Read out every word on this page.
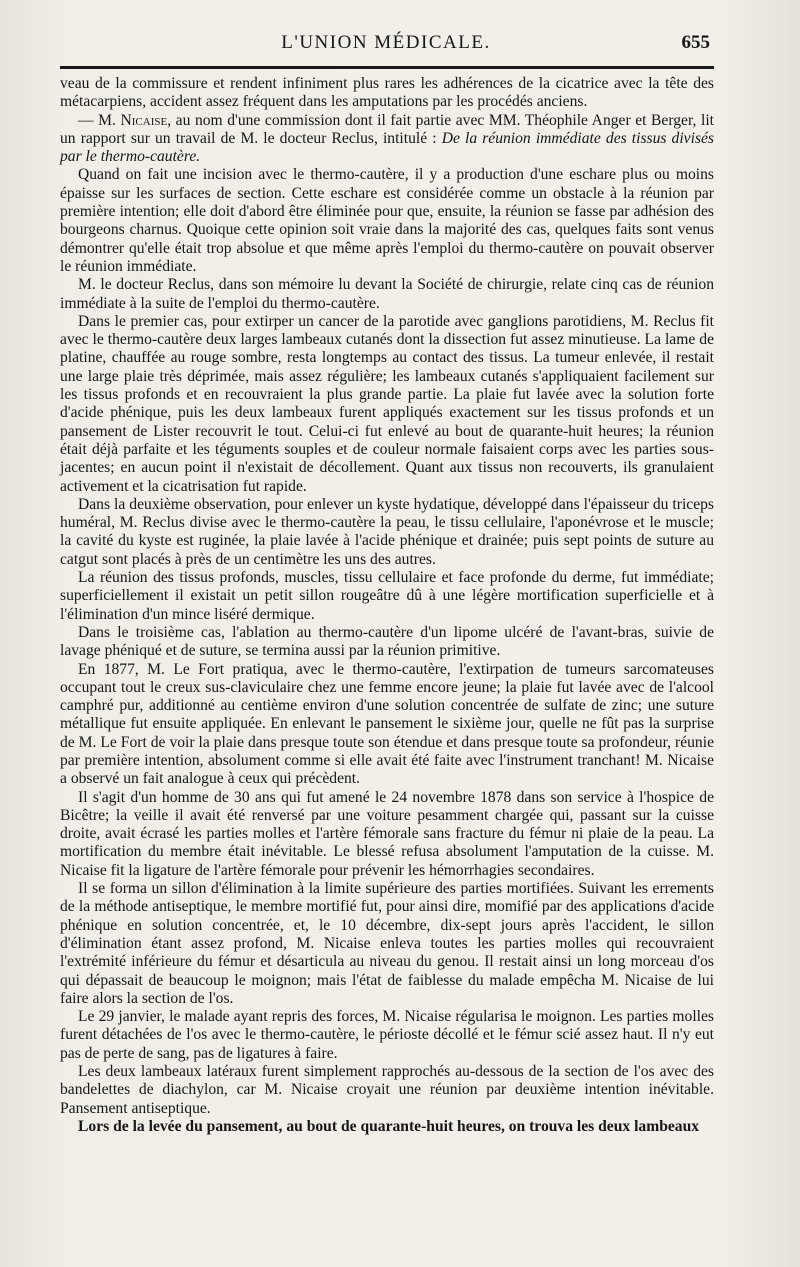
L'UNION MÉDICALE.	655

veau de la commissure et rendent infiniment plus rares les adhérences de la cicatrice avec la tête des métacarpiens, accident assez fréquent dans les amputations par les procédés anciens.

— M. Nicaise, au nom d'une commission dont il fait partie avec MM. Théophile Anger et Berger, lit un rapport sur un travail de M. le docteur Reclus, intitulé : De la réunion immédiate des tissus divisés par le thermo-cautère.

Quand on fait une incision avec le thermo-cautère, il y a production d'une eschare plus ou moins épaisse sur les surfaces de section. Cette eschare est considérée comme un obstacle à la réunion par première intention; elle doit d'abord être éliminée pour que, ensuite, la réunion se fasse par adhésion des bourgeons charnus. Quoique cette opinion soit vraie dans la majorité des cas, quelques faits sont venus démontrer qu'elle était trop absolue et que même après l'emploi du thermo-cautère on pouvait observer le réunion immédiate.

M. le docteur Reclus, dans son mémoire lu devant la Société de chirurgie, relate cinq cas de réunion immédiate à la suite de l'emploi du thermo-cautère.

Dans le premier cas, pour extirper un cancer de la parotide avec ganglions parotidiens, M. Reclus fit avec le thermo-cautère deux larges lambeaux cutanés dont la dissection fut assez minutieuse. La lame de platine, chauffée au rouge sombre, resta longtemps au contact des tissus. La tumeur enlevée, il restait une large plaie très déprimée, mais assez régulière; les lambeaux cutanés s'appliquaient facilement sur les tissus profonds et en recouvraient la plus grande partie. La plaie fut lavée avec la solution forte d'acide phénique, puis les deux lambeaux furent appliqués exactement sur les tissus profonds et un pansement de Lister recouvrit le tout. Celui-ci fut enlevé au bout de quarante-huit heures; la réunion était déjà parfaite et les téguments souples et de couleur normale faisaient corps avec les parties sous-jacentes; en aucun point il n'existait de décollement. Quant aux tissus non recouverts, ils granulaient activement et la cicatrisation fut rapide.

Dans la deuxième observation, pour enlever un kyste hydatique, développé dans l'épaisseur du triceps huméral, M. Reclus divise avec le thermo-cautère la peau, le tissu cellulaire, l'aponévrose et le muscle; la cavité du kyste est ruginée, la plaie lavée à l'acide phénique et drainée; puis sept points de suture au catgut sont placés à près de un centimètre les uns des autres.

La réunion des tissus profonds, muscles, tissu cellulaire et face profonde du derme, fut immédiate; superficiellement il existait un petit sillon rougeâtre dû à une légère mortification superficielle et à l'élimination d'un mince liséré dermique.

Dans le troisième cas, l'ablation au thermo-cautère d'un lipome ulcéré de l'avant-bras, suivie de lavage phéniqué et de suture, se termina aussi par la réunion primitive.

En 1877, M. Le Fort pratiqua, avec le thermo-cautère, l'extirpation de tumeurs sarcomateuses occupant tout le creux sus-claviculaire chez une femme encore jeune; la plaie fut lavée avec de l'alcool camphré pur, additionné au centième environ d'une solution concentrée de sulfate de zinc; une suture métallique fut ensuite appliquée. En enlevant le pansement le sixième jour, quelle ne fût pas la surprise de M. Le Fort de voir la plaie dans presque toute son étendue et dans presque toute sa profondeur, réunie par première intention, absolument comme si elle avait été faite avec l'instrument tranchant! M. Nicaise a observé un fait analogue à ceux qui précèdent.

Il s'agit d'un homme de 30 ans qui fut amené le 24 novembre 1878 dans son service à l'hospice de Bicêtre; la veille il avait été renversé par une voiture pesamment chargée qui, passant sur la cuisse droite, avait écrasé les parties molles et l'artère fémorale sans fracture du fémur ni plaie de la peau. La mortification du membre était inévitable. Le blessé refusa absolument l'amputation de la cuisse. M. Nicaise fit la ligature de l'artère fémorale pour prévenir les hémorrhagies secondaires.

Il se forma un sillon d'élimination à la limite supérieure des parties mortifiées. Suivant les errements de la méthode antiseptique, le membre mortifié fut, pour ainsi dire, momifié par des applications d'acide phénique en solution concentrée, et, le 10 décembre, dix-sept jours après l'accident, le sillon d'élimination étant assez profond, M. Nicaise enleva toutes les parties molles qui recouvraient l'extrémité inférieure du fémur et désarticula au niveau du genou. Il restait ainsi un long morceau d'os qui dépassait de beaucoup le moignon; mais l'état de faiblesse du malade empêcha M. Nicaise de lui faire alors la section de l'os.

Le 29 janvier, le malade ayant repris des forces, M. Nicaise régularisa le moignon. Les parties molles furent détachées de l'os avec le thermo-cautère, le périoste décollé et le fémur scié assez haut. Il n'y eut pas de perte de sang, pas de ligatures à faire.

Les deux lambeaux latéraux furent simplement rapprochés au-dessous de la section de l'os avec des bandelettes de diachylon, car M. Nicaise croyait une réunion par deuxième intention inévitable. Pansement antiseptique.

Lors de la levée du pansement, au bout de quarante-huit heures, on trouva les deux lambeaux
